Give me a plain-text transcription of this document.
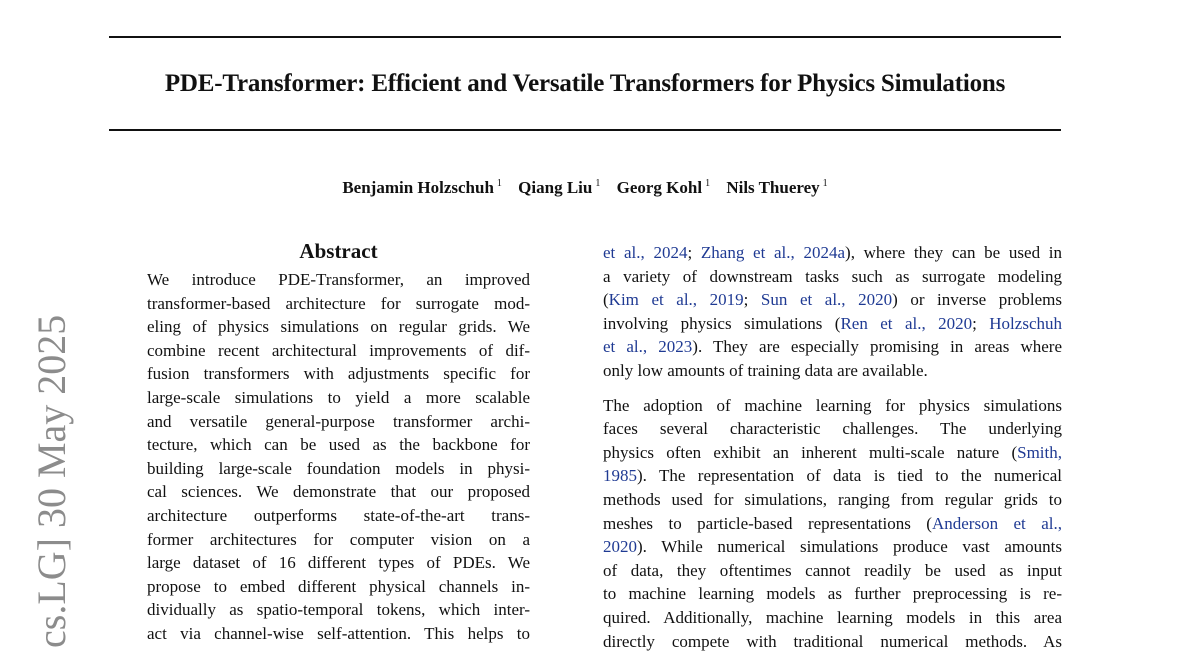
PDE-Transformer: Efficient and Versatile Transformers for Physics Simulations
Benjamin Holzschuh $^1$ Qiang Liu $^1$ Georg Kohl $^1$ Nils Thuerey $^1$
cs.LG] 30 May 2025
Abstract
We introduce PDE-Transformer, an improved
transformer-based architecture for surrogate mod-
eling of physics simulations on regular grids. We
combine recent architectural improvements of dif-
fusion transformers with adjustments specific for
large-scale simulations to yield a more scalable
and versatile general-purpose transformer archi-
tecture, which can be used as the backbone for
building large-scale foundation models in physi-
cal sciences. We demonstrate that our proposed
architecture outperforms state-of-the-art trans-
former architectures for computer vision on a
large dataset of 16 different types of PDEs. We
propose to embed different physical channels in-
dividually as spatio-temporal tokens, which inter-
act via channel-wise self-attention. This helps to
et al., 2024; Zhang et al., 2024a), where they can be used in
a variety of downstream tasks such as surrogate modeling
(Kim et al., 2019; Sun et al., 2020) or inverse problems
involving physics simulations (Ren et al., 2020; Holzschuh
et al., 2023). They are especially promising in areas where
only low amounts of training data are available.
The adoption of machine learning for physics simulations
faces several characteristic challenges. The underlying
physics often exhibit an inherent multi-scale nature (Smith,
1985). The representation of data is tied to the numerical
methods used for simulations, ranging from regular grids to
meshes to particle-based representations (Anderson et al.,
2020). While numerical simulations produce vast amounts
of data, they oftentimes cannot readily be used as input
to machine learning models as further preprocessing is re-
quired. Additionally, machine learning models in this area
directly compete with traditional numerical methods. As
